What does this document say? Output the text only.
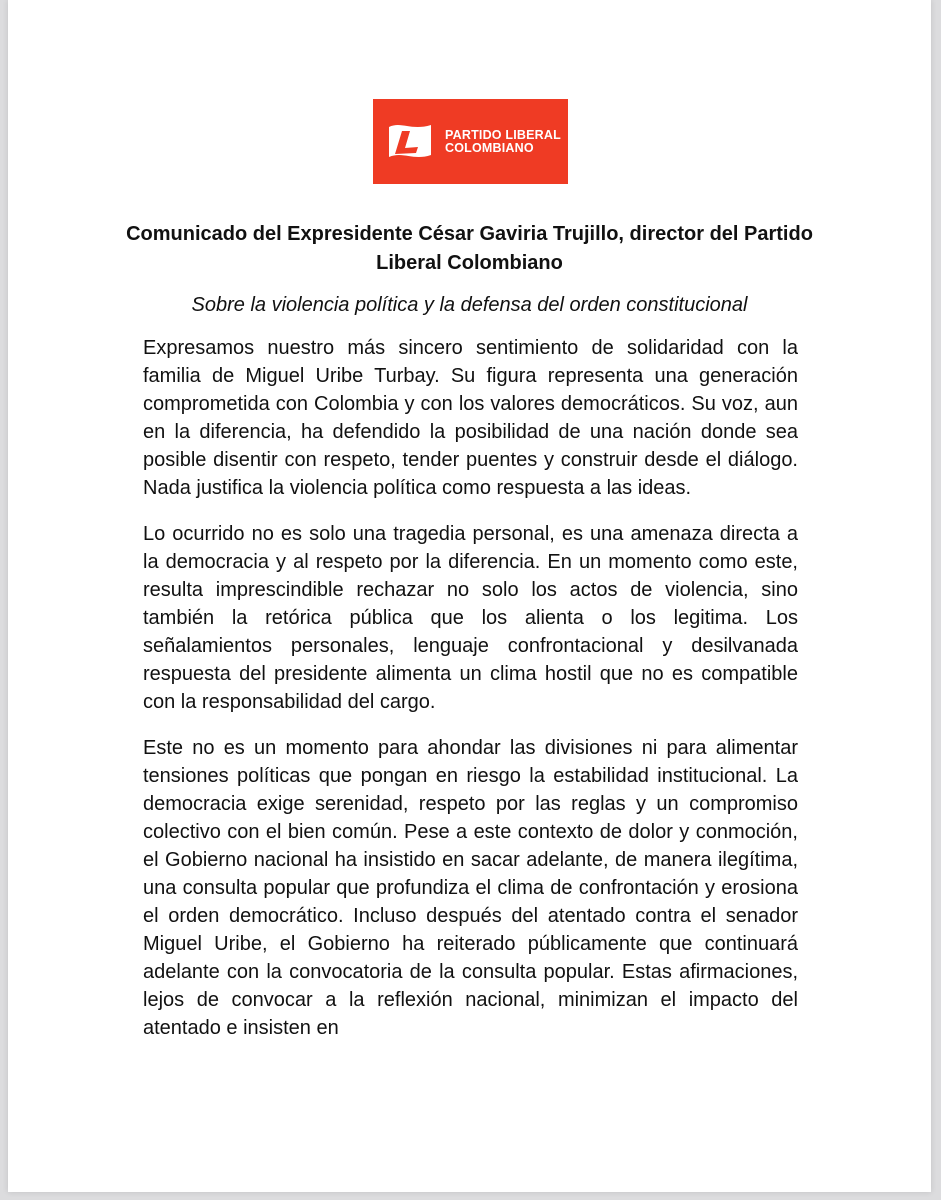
PARTIDO LIBERAL
COLOMBIANO
Comunicado del Expresidente César Gaviria Trujillo, director del Partido Liberal Colombiano
Sobre la violencia política y la defensa del orden constitucional

Expresamos nuestro más sincero sentimiento de solidaridad con la familia de Miguel Uribe Turbay. Su figura representa una generación comprometida con Colombia y con los valores democráticos. Su voz, aun en la diferencia, ha defendido la posibilidad de una nación donde sea posible disentir con respeto, tender puentes y construir desde el diálogo. Nada justifica la violencia política como respuesta a las ideas.

Lo ocurrido no es solo una tragedia personal, es una amenaza directa a la democracia y al respeto por la diferencia. En un momento como este, resulta imprescindible rechazar no solo los actos de violencia, sino también la retórica pública que los alienta o los legitima. Los señalamientos personales, lenguaje confrontacional y desilvanada respuesta del presidente alimenta un clima hostil que no es compatible con la responsabilidad del cargo.

Este no es un momento para ahondar las divisiones ni para alimentar tensiones políticas que pongan en riesgo la estabilidad institucional. La democracia exige serenidad, respeto por las reglas y un compromiso colectivo con el bien común. Pese a este contexto de dolor y conmoción, el Gobierno nacional ha insistido en sacar adelante, de manera ilegítima, una consulta popular que profundiza el clima de confrontación y erosiona el orden democrático. Incluso después del atentado contra el senador Miguel Uribe, el Gobierno ha reiterado públicamente que continuará adelante con la convocatoria de la consulta popular. Estas afirmaciones, lejos de convocar a la reflexión nacional, minimizan el impacto del atentado e insisten en
